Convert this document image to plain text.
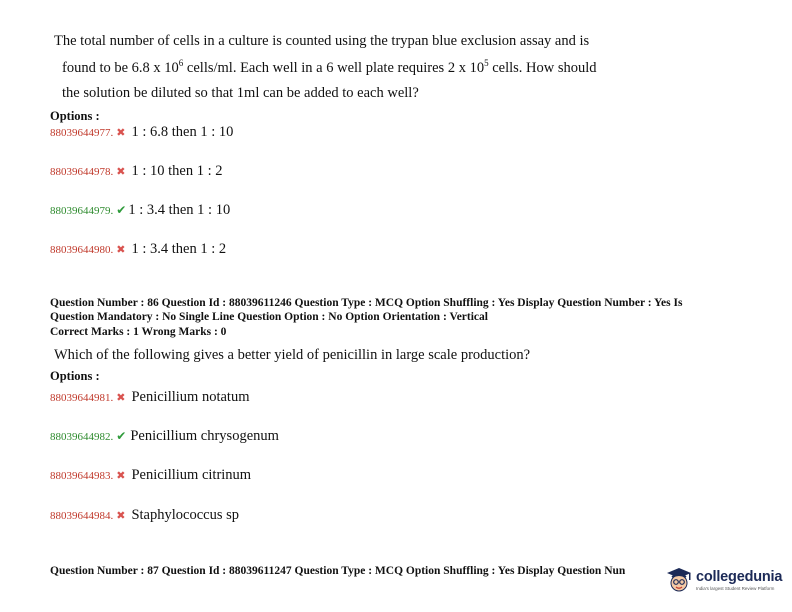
The total number of cells in a culture is counted using the trypan blue exclusion assay and is
found to be 6.8 x $10^6$ cells/ml. Each well in a 6 well plate requires 2 x $10^5$ cells. How should
the solution be diluted so that 1ml can be added to each well?
Options :
88039644977. ✖ 1 : 6.8 then 1 : 10
88039644978. ✖ 1 : 10 then 1 : 2
88039644979. ✔ 1 : 3.4 then 1 : 10
88039644980. ✖ 1 : 3.4 then 1 : 2
Question Number : 86 Question Id : 88039611246 Question Type : MCQ Option Shuffling : Yes Display Question Number : Yes Is
Question Mandatory : No Single Line Question Option : No Option Orientation : Vertical
Correct Marks : 1 Wrong Marks : 0
Which of the following gives a better yield of penicillin in large scale production?
Options :
88039644981. ✖ Penicillium notatum
88039644982. ✔ Penicillium chrysogenum
88039644983. ✖ Penicillium citrinum
88039644984. ✖ Staphylococcus sp
Question Number : 87 Question Id : 88039611247 Question Type : MCQ Option Shuffling : Yes Display Question Nun	collegedunia
India's largest Student Review Platform
